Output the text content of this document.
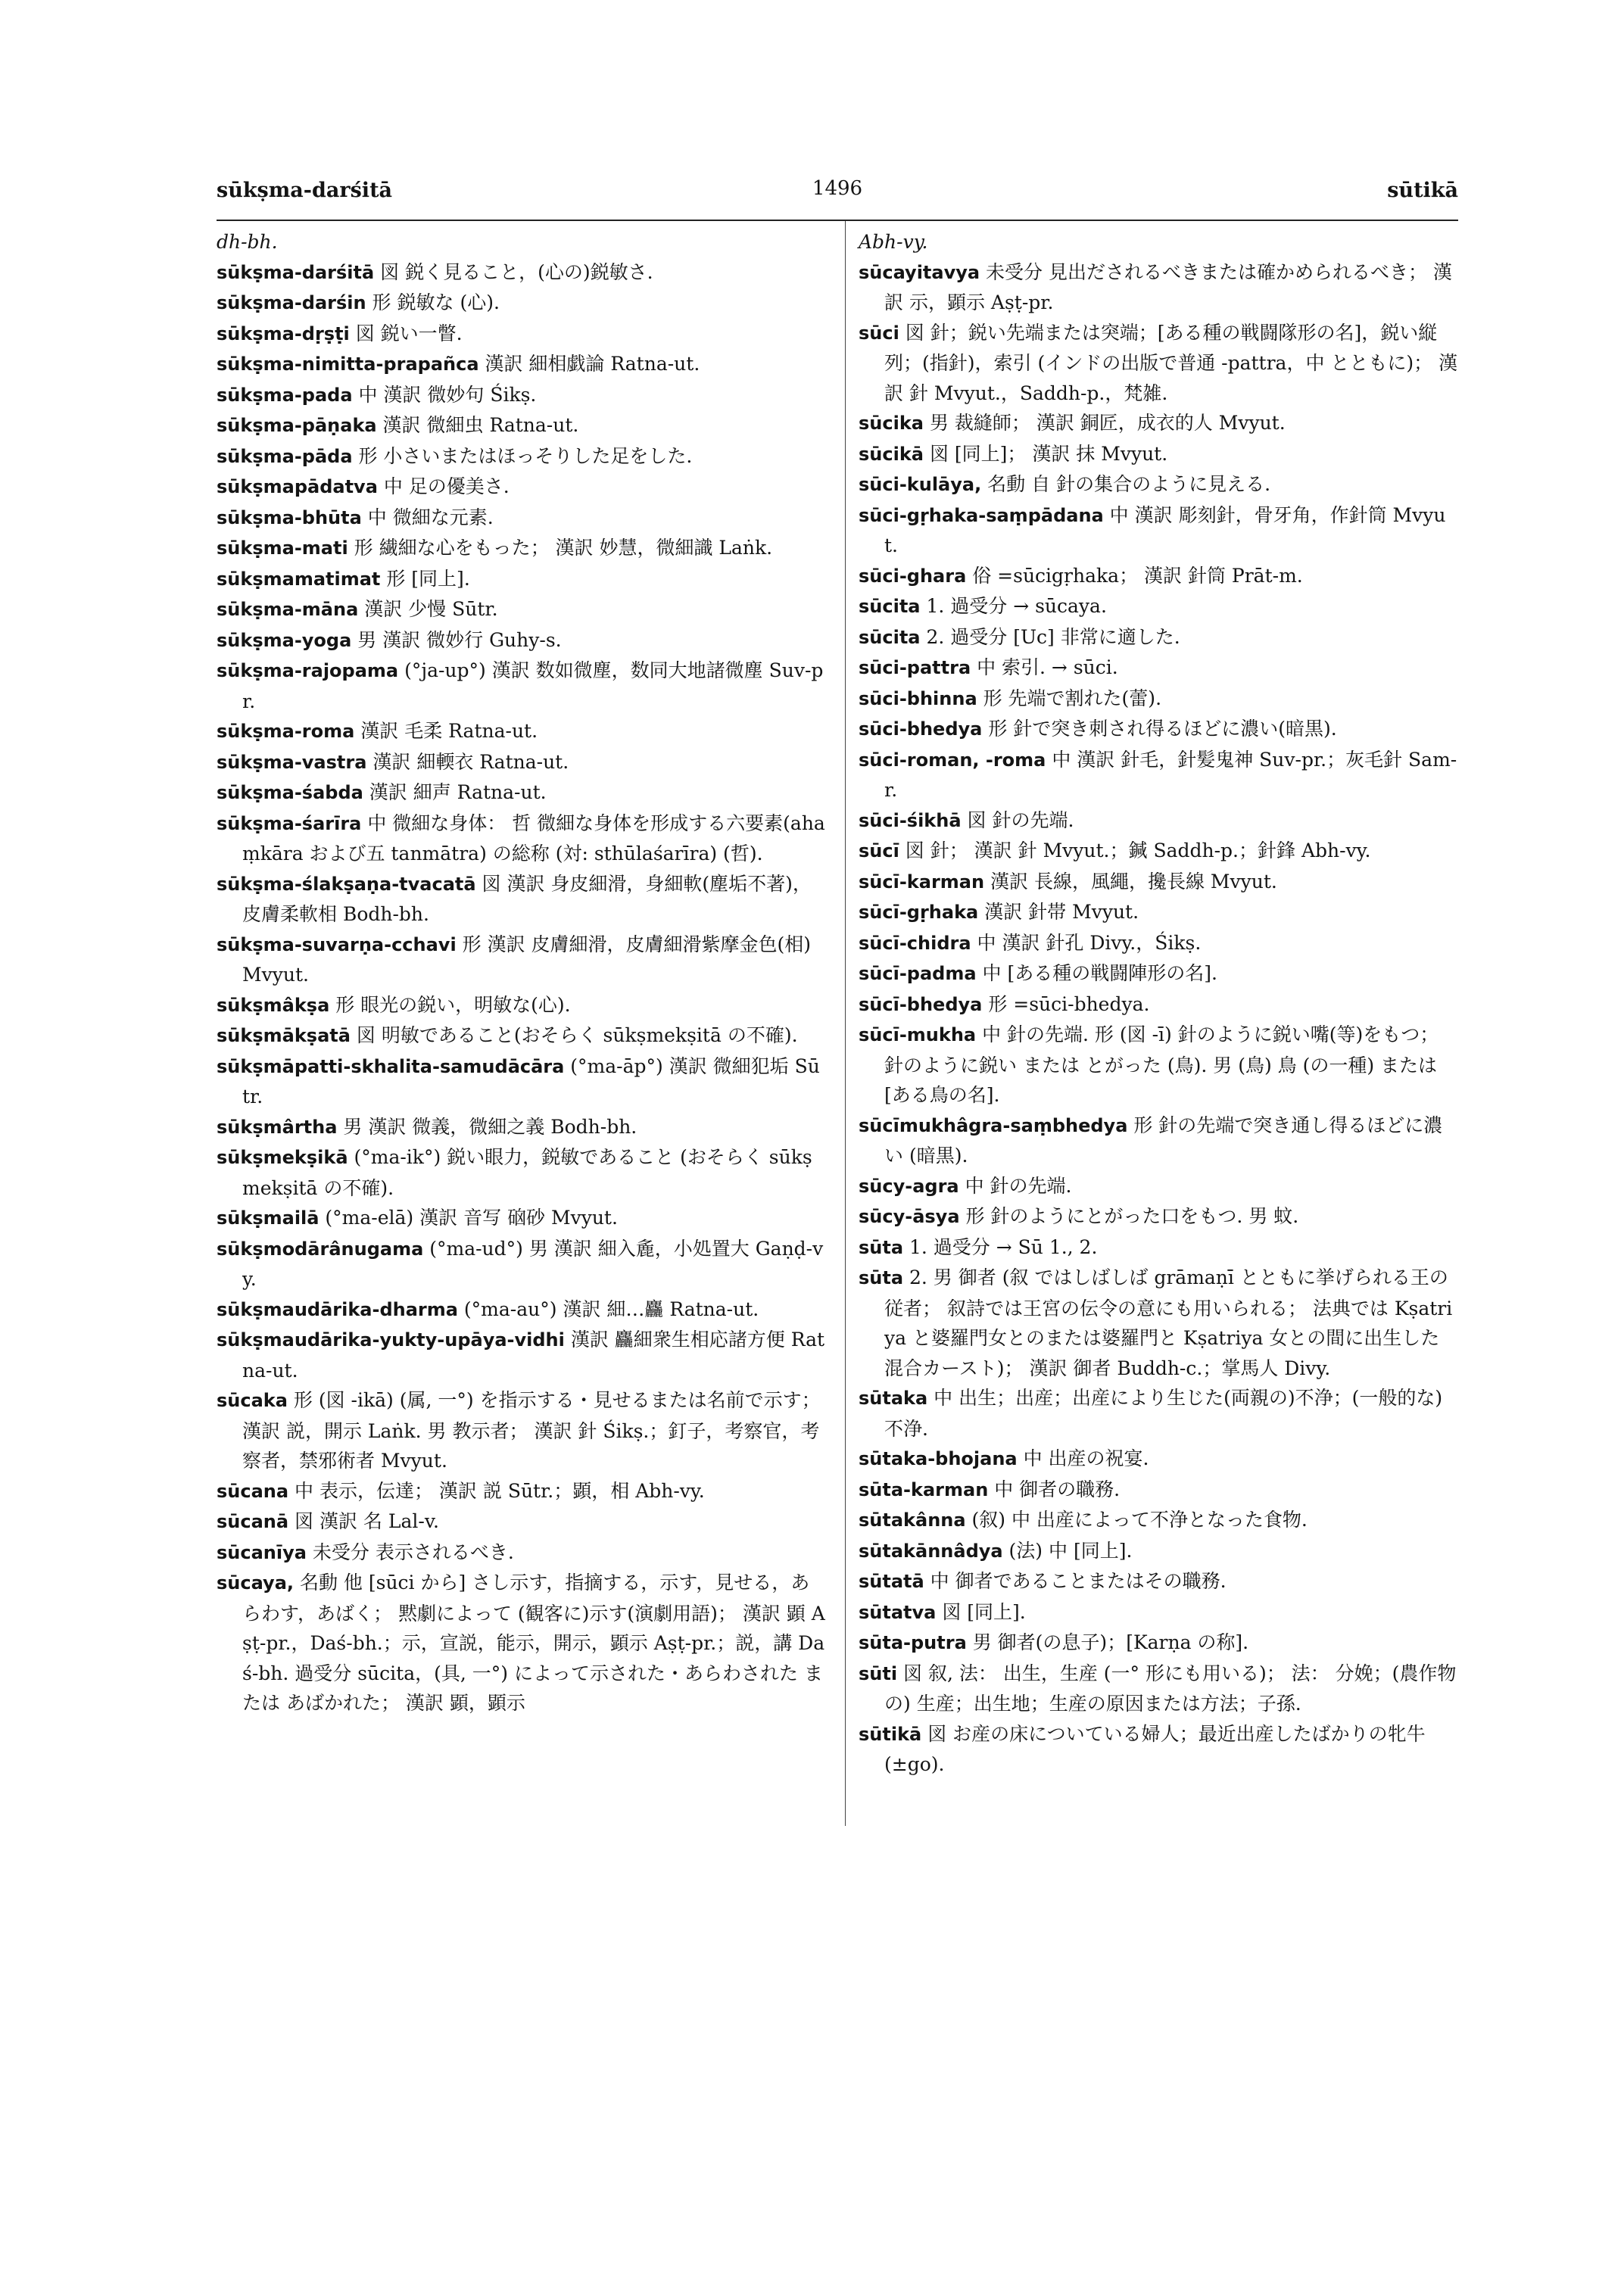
sūkṣma-darśitā	1496	sūtikā

dh-bh.

sūkṣma-darśitā 図 鋭く見ること，(心の)鋭敏さ.

sūkṣma-darśin 形 鋭敏な (心).

sūkṣma-dṛṣṭi 図 鋭い一瞥.

sūkṣma-nimitta-prapañca 漢訳 細相戯論 Ratna-ut.

sūkṣma-pada 中 漢訳 微妙句 Śikṣ.

sūkṣma-pāṇaka 漢訳 微細虫 Ratna-ut.

sūkṣma-pāda 形 小さいまたはほっそりした足をした.

sūkṣmapādatva 中 足の優美さ.

sūkṣma-bhūta 中 微細な元素.

sūkṣma-mati 形 繊細な心をもった； 漢訳 妙慧，微細識 Laṅk.

sūkṣmamatimat 形 [同上].

sūkṣma-māna 漢訳 少慢 Sūtr.

sūkṣma-yoga 男 漢訳 微妙行 Guhy-s.

sūkṣma-rajopama (°ja-up°) 漢訳 数如微塵，数同大地諸微塵 Suv-pr.

sūkṣma-roma 漢訳 毛柔 Ratna-ut.

sūkṣma-vastra 漢訳 細輭衣 Ratna-ut.

sūkṣma-śabda 漢訳 細声 Ratna-ut.

sūkṣma-śarīra 中 微細な身体： 哲 微細な身体を形成する六要素(ahaṃkāra および五 tanmātra) の総称 (対: sthūlaśarīra) (哲).

sūkṣma-ślakṣaṇa-tvacatā 図 漢訳 身皮細滑，身細軟(塵垢不著)，皮膚柔軟相 Bodh-bh.

sūkṣma-suvarṇa-cchavi 形 漢訳 皮膚細滑，皮膚細滑紫摩金色(相) Mvyut.

sūkṣmâkṣa 形 眼光の鋭い，明敏な(心).

sūkṣmākṣatā 図 明敏であること(おそらく sūkṣmekṣitā の不確).

sūkṣmāpatti-skhalita-samudācāra (°ma-āp°) 漢訳 微細犯垢 Sūtr.

sūkṣmârtha 男 漢訳 微義，微細之義 Bodh-bh.

sūkṣmekṣikā (°ma-ik°) 鋭い眼力，鋭敏であること (おそらく sūkṣmekṣitā の不確).

sūkṣmailā (°ma-elā) 漢訳 音写 硇砂 Mvyut.

sūkṣmodārânugama (°ma-ud°) 男 漢訳 細入麁，小処置大 Gaṇḍ-vy.

sūkṣmaudārika-dharma (°ma-au°) 漢訳 細…麤 Ratna-ut.

sūkṣmaudārika-yukty-upāya-vidhi 漢訳 麤細衆生相応諸方便 Ratna-ut.

sūcaka 形 (図 -ikā) (属, 一°) を指示する・見せるまたは名前で示す； 漢訳 説，開示 Laṅk. 男 教示者； 漢訳 針 Śikṣ.；釘子，考察官，考察者，禁邪術者 Mvyut.

sūcana 中 表示，伝達； 漢訳 説 Sūtr.；顕，相 Abh-vy.

sūcanā 図 漢訳 名 Lal-v.

sūcanīya 未受分 表示されるべき.

sūcaya, 名動 他 [sūci から] さし示す，指摘する，示す，見せる，あらわす，あばく； 黙劇によって (観客に)示す(演劇用語)； 漢訳 顕 Aṣṭ-pr.，Daś-bh.；示，宣説，能示，開示，顕示 Aṣṭ-pr.；説，講 Daś-bh. 過受分 sūcita，(具, 一°) によって示された・あらわされた または あばかれた； 漢訳 顕，顕示

Abh-vy.

sūcayitavya 未受分 見出だされるべきまたは確かめられるべき； 漢訳 示，顕示 Aṣṭ-pr.

sūci 図 針；鋭い先端または突端；[ある種の戦闘隊形の名]，鋭い縦列；(指針)，索引 (インドの出版で普通 -pattra，中 とともに)； 漢訳 針 Mvyut.，Saddh-p.，梵雑.

sūcika 男 裁縫師； 漢訳 銅匠，成衣的人 Mvyut.

sūcikā 図 [同上]； 漢訳 抹 Mvyut.

sūci-kulāya, 名動 自 針の集合のように見える.

sūci-gṛhaka-saṃpādana 中 漢訳 彫刻針，骨牙角，作針筒 Mvyut.

sūci-ghara 俗 =sūcigṛhaka； 漢訳 針筒 Prāt-m.

sūcita 1. 過受分 → sūcaya.

sūcita 2. 過受分 [Uc] 非常に適した.

sūci-pattra 中 索引. → sūci.

sūci-bhinna 形 先端で割れた(蕾).

sūci-bhedya 形 針で突き刺され得るほどに濃い(暗黒).

sūci-roman, -roma 中 漢訳 針毛，針髪鬼神 Suv-pr.；灰毛針 Sam-r.

sūci-śikhā 図 針の先端.

sūcī 図 針； 漢訳 針 Mvyut.；鍼 Saddh-p.；針鋒 Abh-vy.

sūcī-karman 漢訳 長線，風繩，攙長線 Mvyut.

sūcī-gṛhaka 漢訳 針帯 Mvyut.

sūcī-chidra 中 漢訳 針孔 Divy.，Śikṣ.

sūcī-padma 中 [ある種の戦闘陣形の名].

sūcī-bhedya 形 =sūci-bhedya.

sūcī-mukha 中 針の先端. 形 (図 -ī) 針のように鋭い嘴(等)をもつ； 針のように鋭い または とがった (鳥). 男 (鳥) 鳥 (の一種) または [ある鳥の名].

sūcīmukhâgra-saṃbhedya 形 針の先端で突き通し得るほどに濃い (暗黒).

sūcy-agra 中 針の先端.

sūcy-āsya 形 針のようにとがった口をもつ. 男 蚊.

sūta 1. 過受分 → Sū 1., 2.

sūta 2. 男 御者 (叙 ではしばしば grāmaṇī とともに挙げられる王の従者； 叙詩では王宮の伝令の意にも用いられる； 法典では Kṣatriya と婆羅門女とのまたは婆羅門と Kṣatriya 女との間に出生した混合カースト)； 漢訳 御者 Buddh-c.；掌馬人 Divy.

sūtaka 中 出生；出産；出産により生じた(両親の)不浄；(一般的な)不浄.

sūtaka-bhojana 中 出産の祝宴.

sūta-karman 中 御者の職務.

sūtakânna (叙) 中 出産によって不浄となった食物.

sūtakānnâdya (法) 中 [同上].

sūtatā 中 御者であることまたはその職務.

sūtatva 図 [同上].

sūta-putra 男 御者(の息子)；[Karṇa の称].

sūti 図 叙, 法： 出生，生産 (一° 形にも用いる)； 法： 分娩；(農作物の) 生産；出生地；生産の原因または方法；子孫.

sūtikā 図 お産の床についている婦人；最近出産したばかりの牝牛 (±go).
